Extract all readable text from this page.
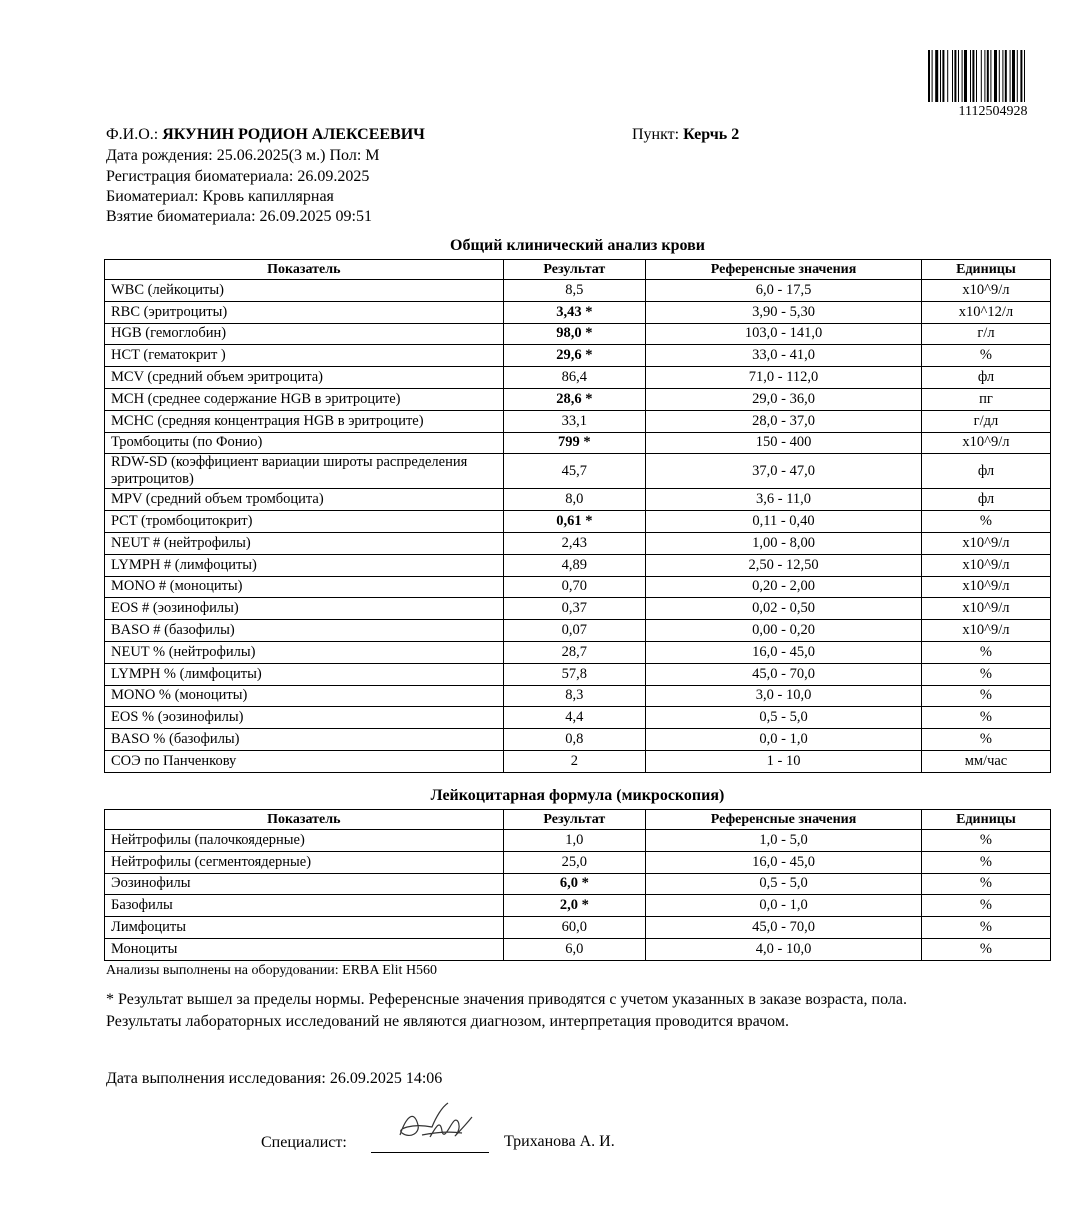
1112504928
Ф.И.О.: ЯКУНИН РОДИОН АЛЕКСЕЕВИЧ	Пункт: Керчь 2
Дата рождения: 25.06.2025(3 м.) Пол: М
Регистрация биоматериала: 26.09.2025
Биоматериал: Кровь капиллярная
Взятие биоматериала: 26.09.2025 09:51
Общий клинический анализ крови
Показатель	Результат	Референсные значения	Единицы
WBC (лейкоциты)	8,5	6,0 - 17,5	х10^9/л
RBC (эритроциты)	3,43 *	3,90 - 5,30	х10^12/л
HGB (гемоглобин)	98,0 *	103,0 - 141,0	г/л
HCT (гематокрит )	29,6 *	33,0 - 41,0	%
MCV (средний объем эритроцита)	86,4	71,0 - 112,0	фл
MCH (среднее содержание HGB в эритроците)	28,6 *	29,0 - 36,0	пг
MCHC (средняя концентрация HGB в эритроците)	33,1	28,0 - 37,0	г/дл
Тромбоциты (по Фонио)	799 *	150 - 400	х10^9/л
RDW-SD (коэффициент вариации широты распределения эритроцитов)	45,7	37,0 - 47,0	фл
MPV (средний объем тромбоцита)	8,0	3,6 - 11,0	фл
PCT (тромбоцитокрит)	0,61 *	0,11 - 0,40	%
NEUT # (нейтрофилы)	2,43	1,00 - 8,00	х10^9/л
LYMPH # (лимфоциты)	4,89	2,50 - 12,50	х10^9/л
MONO # (моноциты)	0,70	0,20 - 2,00	х10^9/л
EOS # (эозинофилы)	0,37	0,02 - 0,50	х10^9/л
BASO # (базофилы)	0,07	0,00 - 0,20	х10^9/л
NEUT % (нейтрофилы)	28,7	16,0 - 45,0	%
LYMPH % (лимфоциты)	57,8	45,0 - 70,0	%
MONO % (моноциты)	8,3	3,0 - 10,0	%
EOS % (эозинофилы)	4,4	0,5 - 5,0	%
BASO % (базофилы)	0,8	0,0 - 1,0	%
СОЭ по Панченкову	2	1 - 10	мм/час
Лейкоцитарная формула (микроскопия)
Показатель	Результат	Референсные значения	Единицы
Нейтрофилы (палочкоядерные)	1,0	1,0 - 5,0	%
Нейтрофилы (сегментоядерные)	25,0	16,0 - 45,0	%
Эозинофилы	6,0 *	0,5 - 5,0	%
Базофилы	2,0 *	0,0 - 1,0	%
Лимфоциты	60,0	45,0 - 70,0	%
Моноциты	6,0	4,0 - 10,0	%
Анализы выполнены на оборудовании: ERBA Elit H560
* Результат вышел за пределы нормы. Референсные значения приводятся с учетом указанных в заказе возраста, пола.
Результаты лабораторных исследований не являются диагнозом, интерпретация проводится врачом.
Дата выполнения исследования: 26.09.2025 14:06
Специалист:	Триханова А. И.
